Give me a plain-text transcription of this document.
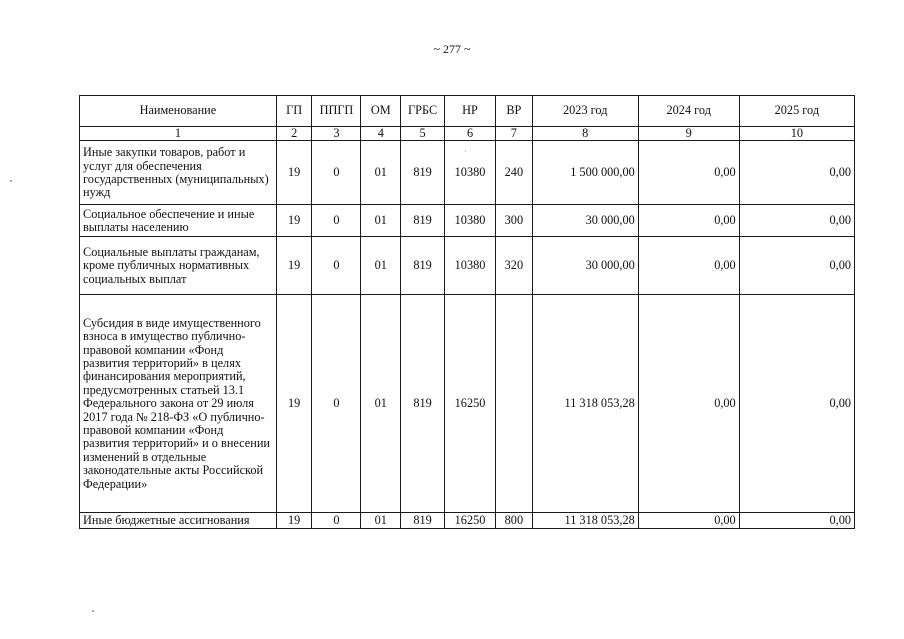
~ 277 ~
Наименование	ГП	ППГП	ОМ	ГРБС	НР	ВР	2023 год	2024 год	2025 год
1	2	3	4	5	6	7	8	9	10
Иные закупки товаров, работ и услуг для обеспечения государственных (муниципальных) нужд	19	0	01	819	10380	240	1 500 000,00	0,00	0,00
Социальное обеспечение и иные выплаты населению	19	0	01	819	10380	300	30 000,00	0,00	0,00
Социальные выплаты гражданам, кроме публичных нормативных социальных выплат	19	0	01	819	10380	320	30 000,00	0,00	0,00
Субсидия в виде имущественного взноса в имущество публично-правовой компании «Фонд развития территорий» в целях финансирования мероприятий, предусмотренных статьей 13.1 Федерального закона от 29 июля 2017 года № 218-ФЗ «О публично-правовой компании «Фонд развития территорий» и о внесении изменений в отдельные законодательные акты Российской Федерации»	19	0	01	819	16250		11 318 053,28	0,00	0,00
Иные бюджетные ассигнования	19	0	01	819	16250	800	11 318 053,28	0,00	0,00
